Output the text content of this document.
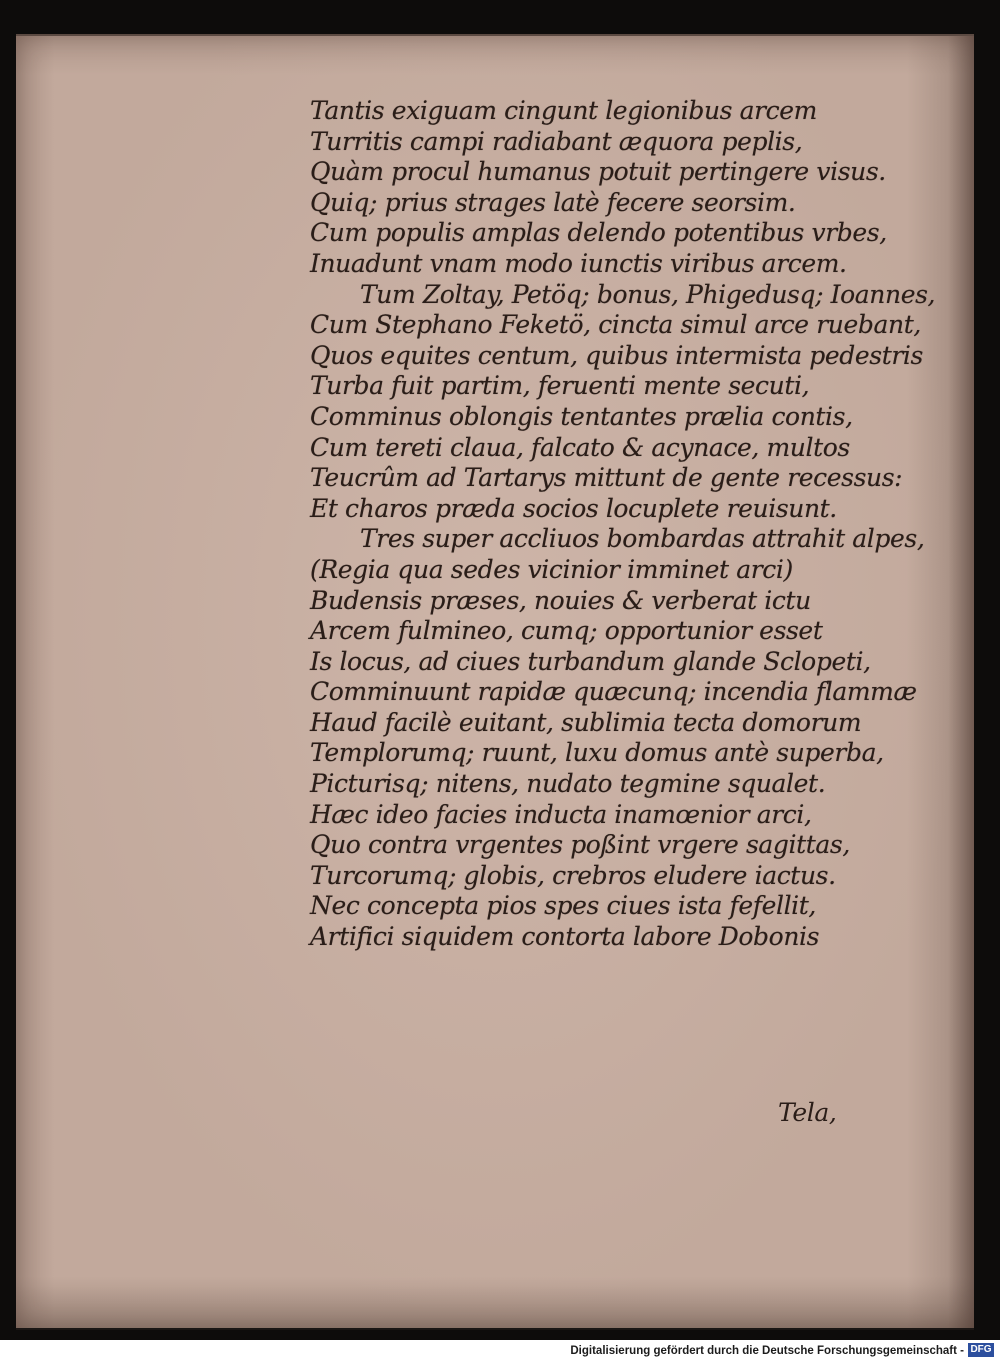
Tantis exiguam cingunt legionibus arcem
Turritis campi radiabant æquora peplis,
Quàm procul humanus potuit pertingere visus.
Quiq; prius strages latè fecere seorsim.
Cum populis amplas delendo potentibus vrbes,
Inuadunt vnam modo iunctis viribus arcem.
Tum Zoltay, Petöq; bonus, Phigedusq; Ioannes,
Cum Stephano Feketö, cincta simul arce ruebant,
Quos equites centum, quibus intermista pedestris
Turba fuit partim, feruenti mente secuti,
Comminus oblongis tentantes prælia contis,
Cum tereti claua, falcato & acynace, multos
Teucrûm ad Tartarys mittunt de gente recessus:
Et charos præda socios locuplete reuisunt.
Tres super accliuos bombardas attrahit alpes,
(Regia qua sedes vicinior imminet arci)
Budensis præses, nouies & verberat ictu
Arcem fulmineo, cumq; opportunior esset
Is locus, ad ciues turbandum glande Sclopeti,
Comminuunt rapidæ quæcunq; incendia flammæ
Haud facilè euitant, sublimia tecta domorum
Templorumq; ruunt, luxu domus antè superba,
Picturisq; nitens, nudato tegmine squalet.
Hæc ideo facies inducta inamœnior arci,
Quo contra vrgentes poßint vrgere sagittas,
Turcorumq; globis, crebros eludere iactus.
Nec concepta pios spes ciues ista fefellit,
Artifici siquidem contorta labore Dobonis
Tela,
Digitalisierung gefördert durch die Deutsche Forschungsgemeinschaft - DFG
